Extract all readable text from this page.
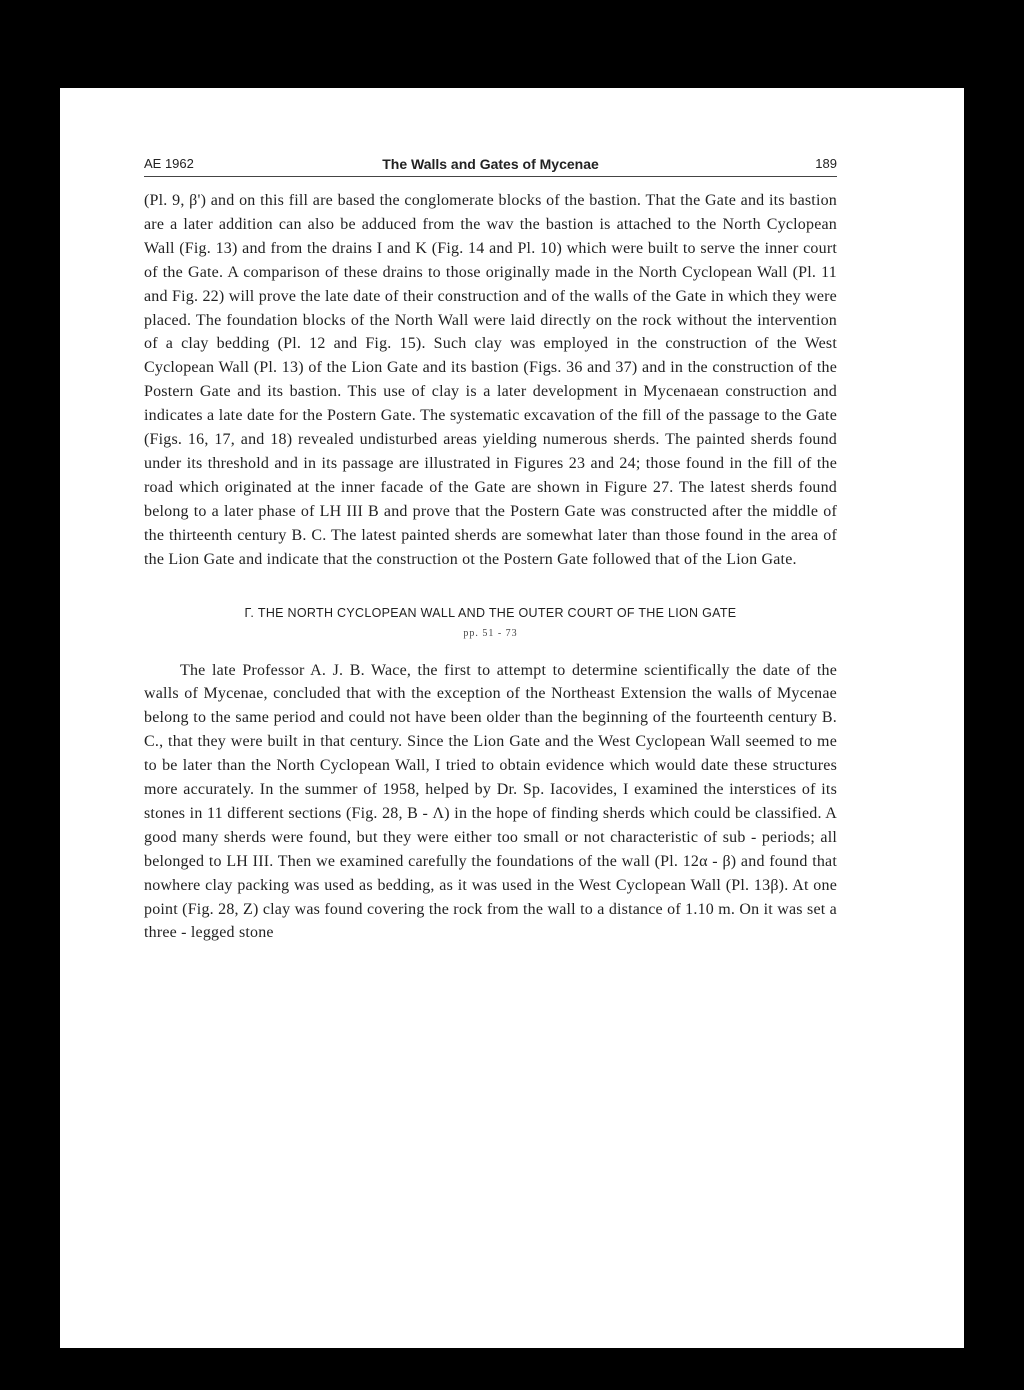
AE 1962	The Walls and Gates of Mycenae	189

(Pl. 9, β') and on this fill are based the conglomerate blocks of the bastion. That the Gate and its bastion are a later addition can also be adduced from the wav the bastion is attached to the North Cyclopean Wall (Fig. 13) and from the drains I and K (Fig. 14 and Pl. 10) which were built to serve the inner court of the Gate. A comparison of these drains to those originally made in the North Cyclopean Wall (Pl. 11 and Fig. 22) will prove the late date of their construction and of the walls of the Gate in which they were placed. The foundation blocks of the North Wall were laid directly on the rock without the intervention of a clay bedding (Pl. 12 and Fig. 15). Such clay was employed in the construction of the West Cyclopean Wall (Pl. 13) of the Lion Gate and its bastion (Figs. 36 and 37) and in the construction of the Postern Gate and its bastion. This use of clay is a later development in Mycenaean construction and indicates a late date for the Postern Gate. The systematic excavation of the fill of the passage to the Gate (Figs. 16, 17, and 18) revealed undisturbed areas yielding numerous sherds. The painted sherds found under its threshold and in its passage are illustrated in Figures 23 and 24; those found in the fill of the road which originated at the inner facade of the Gate are shown in Figure 27. The latest sherds found belong to a later phase of LH III B and prove that the Postern Gate was constructed after the middle of the thirteenth century B. C. The latest painted sherds are somewhat later than those found in the area of the Lion Gate and indicate that the construction ot the Postern Gate followed that of the Lion Gate.

Γ. THE NORTH CYCLOPEAN WALL AND THE OUTER COURT OF THE LION GATE
pp. 51 - 73

The late Professor A. J. B. Wace, the first to attempt to determine scientifically the date of the walls of Mycenae, concluded that with the exception of the Northeast Extension the walls of Mycenae belong to the same period and could not have been older than the beginning of the fourteenth century B. C., that they were built in that century. Since the Lion Gate and the West Cyclopean Wall seemed to me to be later than the North Cyclopean Wall, I tried to obtain evidence which would date these structures more accurately. In the summer of 1958, helped by Dr. Sp. Iacovides, I examined the interstices of its stones in 11 different sections (Fig. 28, B - Λ) in the hope of finding sherds which could be classified. A good many sherds were found, but they were either too small or not characteristic of sub - periods; all belonged to LH III. Then we examined carefully the foundations of the wall (Pl. 12α - β) and found that nowhere clay packing was used as bedding, as it was used in the West Cyclopean Wall (Pl. 13β). At one point (Fig. 28, Z) clay was found covering the rock from the wall to a distance of 1.10 m. On it was set a three - legged stone
